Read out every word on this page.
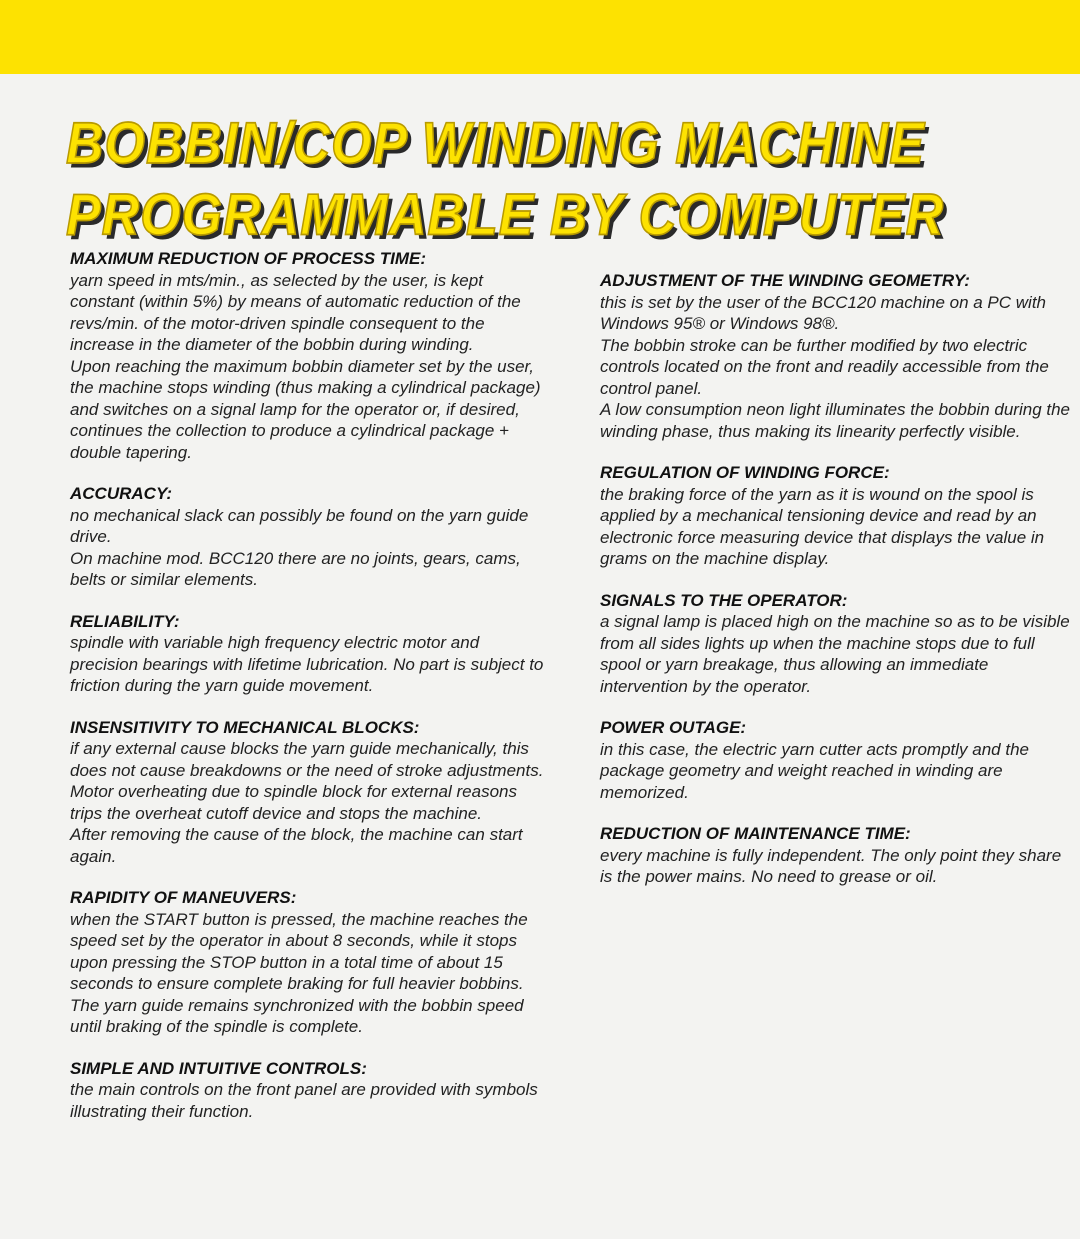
BOBBIN/COP WINDING MACHINE
PROGRAMMABLE BY COMPUTER

MAXIMUM REDUCTION OF PROCESS TIME:

yarn speed in mts/min., as selected by the user, is kept constant (within 5%) by means of automatic reduction of the revs/min. of the motor-driven spindle consequent to the increase in the diameter of the bobbin during winding.

Upon reaching the maximum bobbin diameter set by the user, the machine stops winding (thus making a cylindrical package) and switches on a signal lamp for the operator or, if desired, continues the collection to produce a cylindrical package + double tapering.

ACCURACY:

no mechanical slack can possibly be found on the yarn guide drive.

On machine mod. BCC120 there are no joints, gears, cams, belts or similar elements.

RELIABILITY:

spindle with variable high frequency electric motor and precision bearings with lifetime lubrication. No part is subject to friction during the yarn guide movement.

INSENSITIVITY TO MECHANICAL BLOCKS:

if any external cause blocks the yarn guide mechanically, this does not cause breakdowns or the need of stroke adjustments. Motor overheating due to spindle block for external reasons trips the overheat cutoff device and stops the machine.

After removing the cause of the block, the machine can start again.

RAPIDITY OF MANEUVERS:

when the START button is pressed, the machine reaches the speed set by the operator in about 8 seconds, while it stops upon pressing the STOP button in a total time of about 15 seconds to ensure complete braking for full heavier bobbins.

The yarn guide remains synchronized with the bobbin speed until braking of the spindle is complete.

SIMPLE AND INTUITIVE CONTROLS:

the main controls on the front panel are provided with symbols illustrating their function.

ADJUSTMENT OF THE WINDING GEOMETRY:

this is set by the user of the BCC120 machine on a PC with Windows 95® or Windows 98®.

The bobbin stroke can be further modified by two electric controls located on the front and readily accessible from the control panel.

A low consumption neon light illuminates the bobbin during the winding phase, thus making its linearity perfectly visible.

REGULATION OF WINDING FORCE:

the braking force of the yarn as it is wound on the spool is applied by a mechanical tensioning device and read by an electronic force measuring device that displays the value in grams on the machine display.

SIGNALS TO THE OPERATOR:

a signal lamp is placed high on the machine so as to be visible from all sides lights up when the machine stops due to full spool or yarn breakage, thus allowing an immediate intervention by the operator.

POWER OUTAGE:

in this case, the electric yarn cutter acts promptly and the package geometry and weight reached in winding are memorized.

REDUCTION OF MAINTENANCE TIME:

every machine is fully independent. The only point they share is the power mains. No need to grease or oil.
